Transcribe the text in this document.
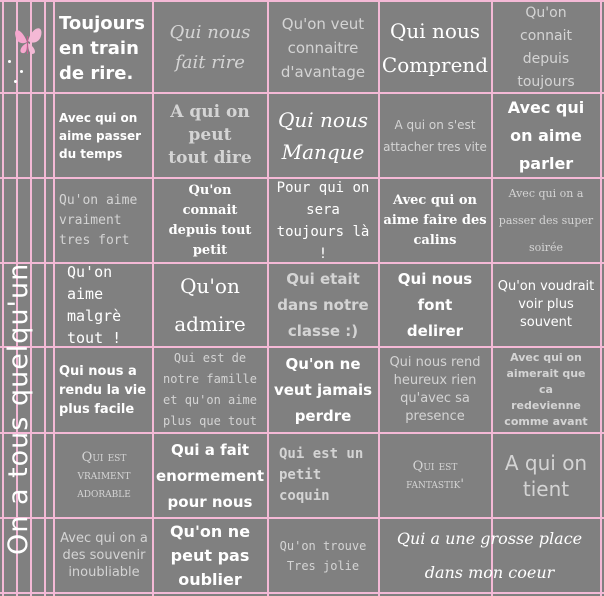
On a tous quelqu'un
Toujours en train de rire.
Qui nous fait rire
Qu'on veut connaitre d'avantage
Qui nous Comprend
Qu'on connait depuis toujours
Avec qui on aime passer du temps
A qui on peut tout dire
Qui nous Manque
A qui on s'est attacher tres vite
Avec qui on aime parler
Qu'on aime vraiment tres fort
Qu'on connait depuis tout petit
Pour qui on sera toujours là !
Avec qui on aime faire des calins
Avec qui on a passer des super soirée
Qu'on aime malgrè tout !
Qu'on admire
Qui etait dans notre classe :)
Qui nous font delirer
Qu'on voudrait voir plus souvent
Qui nous a rendu la vie plus facile
Qui est de notre famille et qu'on aime plus que tout
Qu'on ne veut jamais perdre
Qui nous rend heureux rien qu'avec sa presence
Avec qui on aimerait que ca redevienne comme avant
Qui est vraiment adorable
Qui a fait enormement pour nous
Qui est un petit coquin
Qui est fantastik'
A qui on tient
Avec qui on a des souvenir inoubliable
Qu'on ne peut pas oublier
Qu'on trouve Tres jolie
Qui a une grosse place dans mon coeur
